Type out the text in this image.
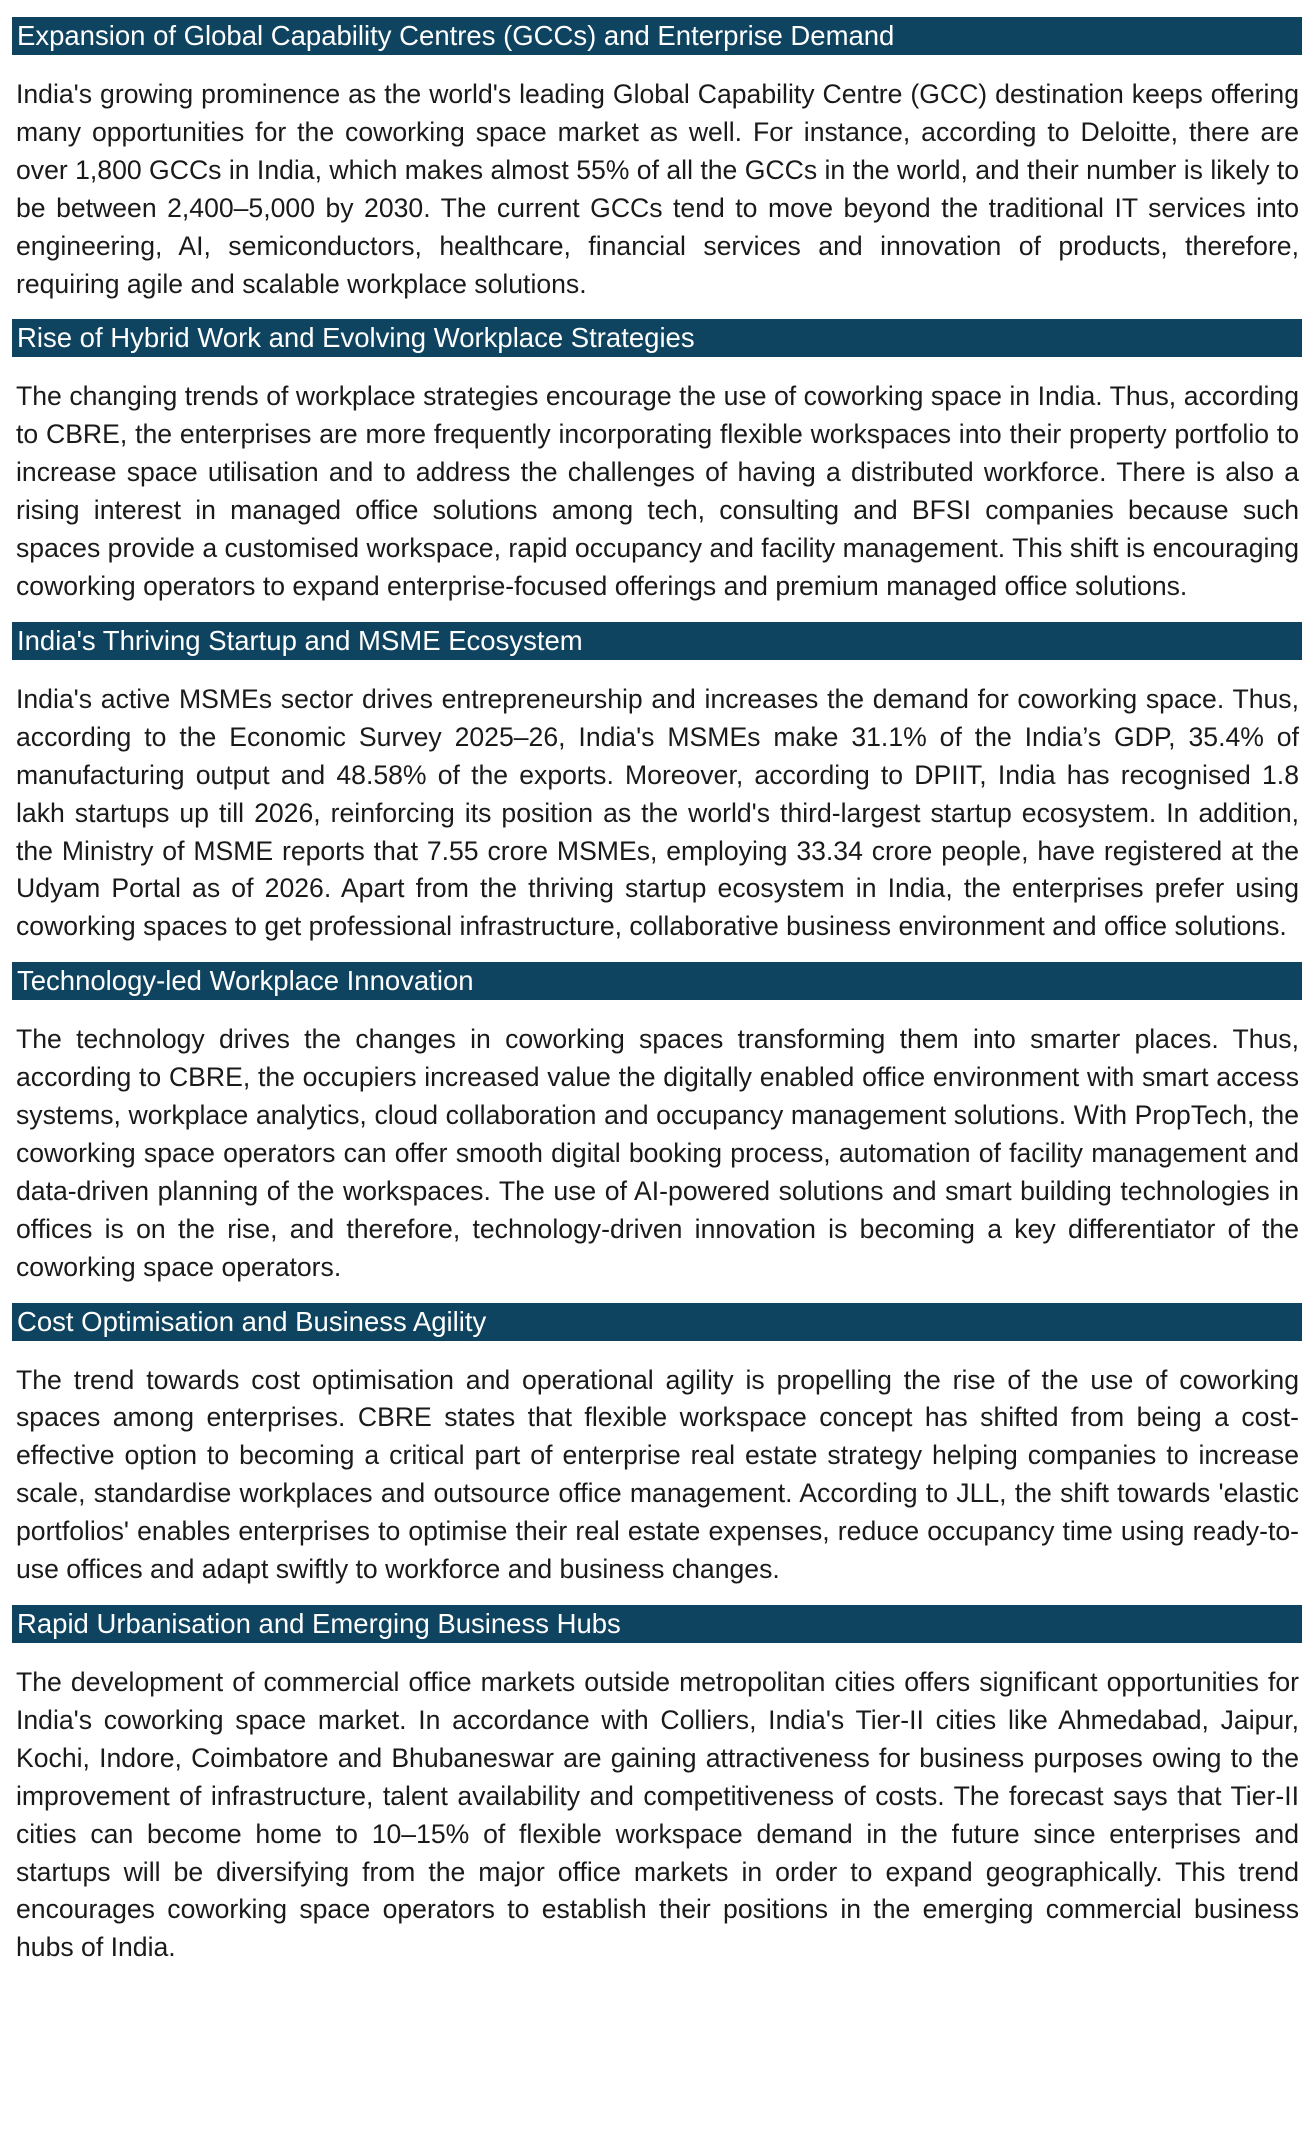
Expansion of Global Capability Centres (GCCs) and Enterprise Demand

India's growing prominence as the world's leading Global Capability Centre (GCC) destination keeps offering many opportunities for the coworking space market as well. For instance, according to Deloitte, there are over 1,800 GCCs in India, which makes almost 55% of all the GCCs in the world, and their number is likely to be between 2,400–5,000 by 2030. The current GCCs tend to move beyond the traditional IT services into engineering, AI, semiconductors, healthcare, financial services and innovation of products, therefore, requiring agile and scalable workplace solutions.

Rise of Hybrid Work and Evolving Workplace Strategies

The changing trends of workplace strategies encourage the use of coworking space in India. Thus, according to CBRE, the enterprises are more frequently incorporating flexible workspaces into their property portfolio to increase space utilisation and to address the challenges of having a distributed workforce. There is also a rising interest in managed office solutions among tech, consulting and BFSI companies because such spaces provide a customised workspace, rapid occupancy and facility management. This shift is encouraging coworking operators to expand enterprise-focused offerings and premium managed office solutions.

India's Thriving Startup and MSME Ecosystem

India's active MSMEs sector drives entrepreneurship and increases the demand for coworking space. Thus, according to the Economic Survey 2025–26, India's MSMEs make 31.1% of the India’s GDP, 35.4% of manufacturing output and 48.58% of the exports. Moreover, according to DPIIT, India has recognised 1.8 lakh startups up till 2026, reinforcing its position as the world's third-largest startup ecosystem. In addition, the Ministry of MSME reports that 7.55 crore MSMEs, employing 33.34 crore people, have registered at the Udyam Portal as of 2026. Apart from the thriving startup ecosystem in India, the enterprises prefer using coworking spaces to get professional infrastructure, collaborative business environment and office solutions.

Technology-led Workplace Innovation

The technology drives the changes in coworking spaces transforming them into smarter places. Thus, according to CBRE, the occupiers increased value the digitally enabled office environment with smart access systems, workplace analytics, cloud collaboration and occupancy management solutions. With PropTech, the coworking space operators can offer smooth digital booking process, automation of facility management and data-driven planning of the workspaces. The use of AI-powered solutions and smart building technologies in offices is on the rise, and therefore, technology-driven innovation is becoming a key differentiator of the coworking space operators.

Cost Optimisation and Business Agility

The trend towards cost optimisation and operational agility is propelling the rise of the use of coworking spaces among enterprises. CBRE states that flexible workspace concept has shifted from being a cost-effective option to becoming a critical part of enterprise real estate strategy helping companies to increase scale, standardise workplaces and outsource office management. According to JLL, the shift towards 'elastic portfolios' enables enterprises to optimise their real estate expenses, reduce occupancy time using ready-to-use offices and adapt swiftly to workforce and business changes.

Rapid Urbanisation and Emerging Business Hubs

The development of commercial office markets outside metropolitan cities offers significant opportunities for India's coworking space market. In accordance with Colliers, India's Tier-II cities like Ahmedabad, Jaipur, Kochi, Indore, Coimbatore and Bhubaneswar are gaining attractiveness for business purposes owing to the improvement of infrastructure, talent availability and competitiveness of costs. The forecast says that Tier-II cities can become home to 10–15% of flexible workspace demand in the future since enterprises and startups will be diversifying from the major office markets in order to expand geographically. This trend encourages coworking space operators to establish their positions in the emerging commercial business hubs of India.
